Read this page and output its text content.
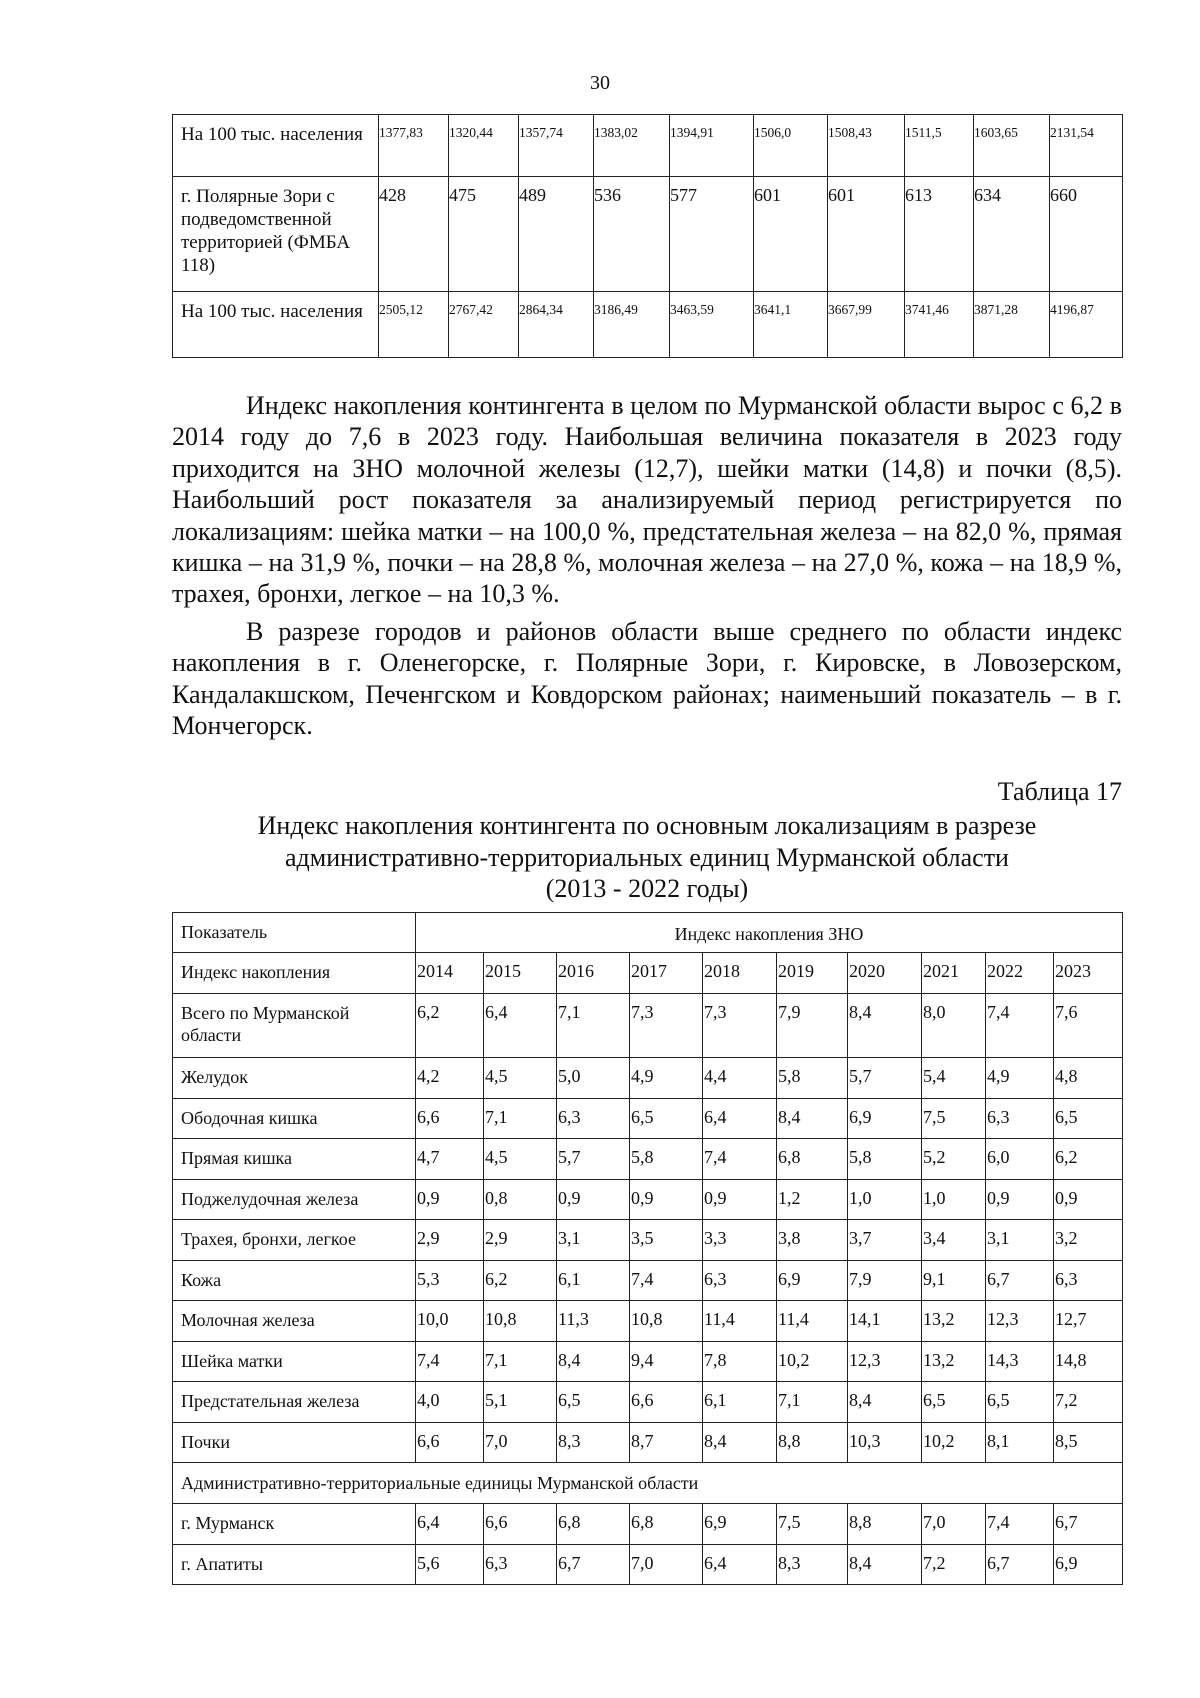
30
На 100 тыс. населения	1377,83	1320,44	1357,74	1383,02	1394,91	1506,0	1508,43	1511,5	1603,65	2131,54
г. Полярные Зори с подведомственной территорией (ФМБА 118)	428	475	489	536	577	601	601	613	634	660
На 100 тыс. населения	2505,12	2767,42	2864,34	3186,49	3463,59	3641,1	3667,99	3741,46	3871,28	4196,87

Индекс накопления контингента в целом по Мурманской области вырос с 6,2 в 2014 году до 7,6 в 2023 году. Наибольшая величина показателя в 2023 году приходится на ЗНО молочной железы (12,7), шейки матки (14,8) и почки (8,5). Наибольший рост показателя за анализируемый период регистрируется по локализациям: шейка матки – на 100,0 %, предстательная железа – на 82,0 %, прямая кишка – на 31,9 %, почки – на 28,8 %, молочная железа – на 27,0 %, кожа – на 18,9 %, трахея, бронхи, легкое – на 10,3 %.

В разрезе городов и районов области выше среднего по области индекс накопления в г. Оленегорске, г. Полярные Зори, г. Кировске, в Ловозерском, Кандалакшском, Печенгском и Ковдорском районах; наименьший показатель – в г. Мончегорск.

Таблица 17
Индекс накопления контингента по основным локализациям в разрезе
административно-территориальных единиц Мурманской области
(2013 - 2022 годы)
Показатель	Индекс накопления ЗНО									
Индекс накопления	2014	2015	2016	2017	2018	2019	2020	2021	2022	2023
Всего по Мурманской области	6,2	6,4	7,1	7,3	7,3	7,9	8,4	8,0	7,4	7,6
Желудок	4,2	4,5	5,0	4,9	4,4	5,8	5,7	5,4	4,9	4,8
Ободочная кишка	6,6	7,1	6,3	6,5	6,4	8,4	6,9	7,5	6,3	6,5
Прямая кишка	4,7	4,5	5,7	5,8	7,4	6,8	5,8	5,2	6,0	6,2
Поджелудочная железа	0,9	0,8	0,9	0,9	0,9	1,2	1,0	1,0	0,9	0,9
Трахея, бронхи, легкое	2,9	2,9	3,1	3,5	3,3	3,8	3,7	3,4	3,1	3,2
Кожа	5,3	6,2	6,1	7,4	6,3	6,9	7,9	9,1	6,7	6,3
Молочная железа	10,0	10,8	11,3	10,8	11,4	11,4	14,1	13,2	12,3	12,7
Шейка матки	7,4	7,1	8,4	9,4	7,8	10,2	12,3	13,2	14,3	14,8
Предстательная железа	4,0	5,1	6,5	6,6	6,1	7,1	8,4	6,5	6,5	7,2
Почки	6,6	7,0	8,3	8,7	8,4	8,8	10,3	10,2	8,1	8,5
Административно-территориальные единицы Мурманской области										
г. Мурманск	6,4	6,6	6,8	6,8	6,9	7,5	8,8	7,0	7,4	6,7
г. Апатиты	5,6	6,3	6,7	7,0	6,4	8,3	8,4	7,2	6,7	6,9
